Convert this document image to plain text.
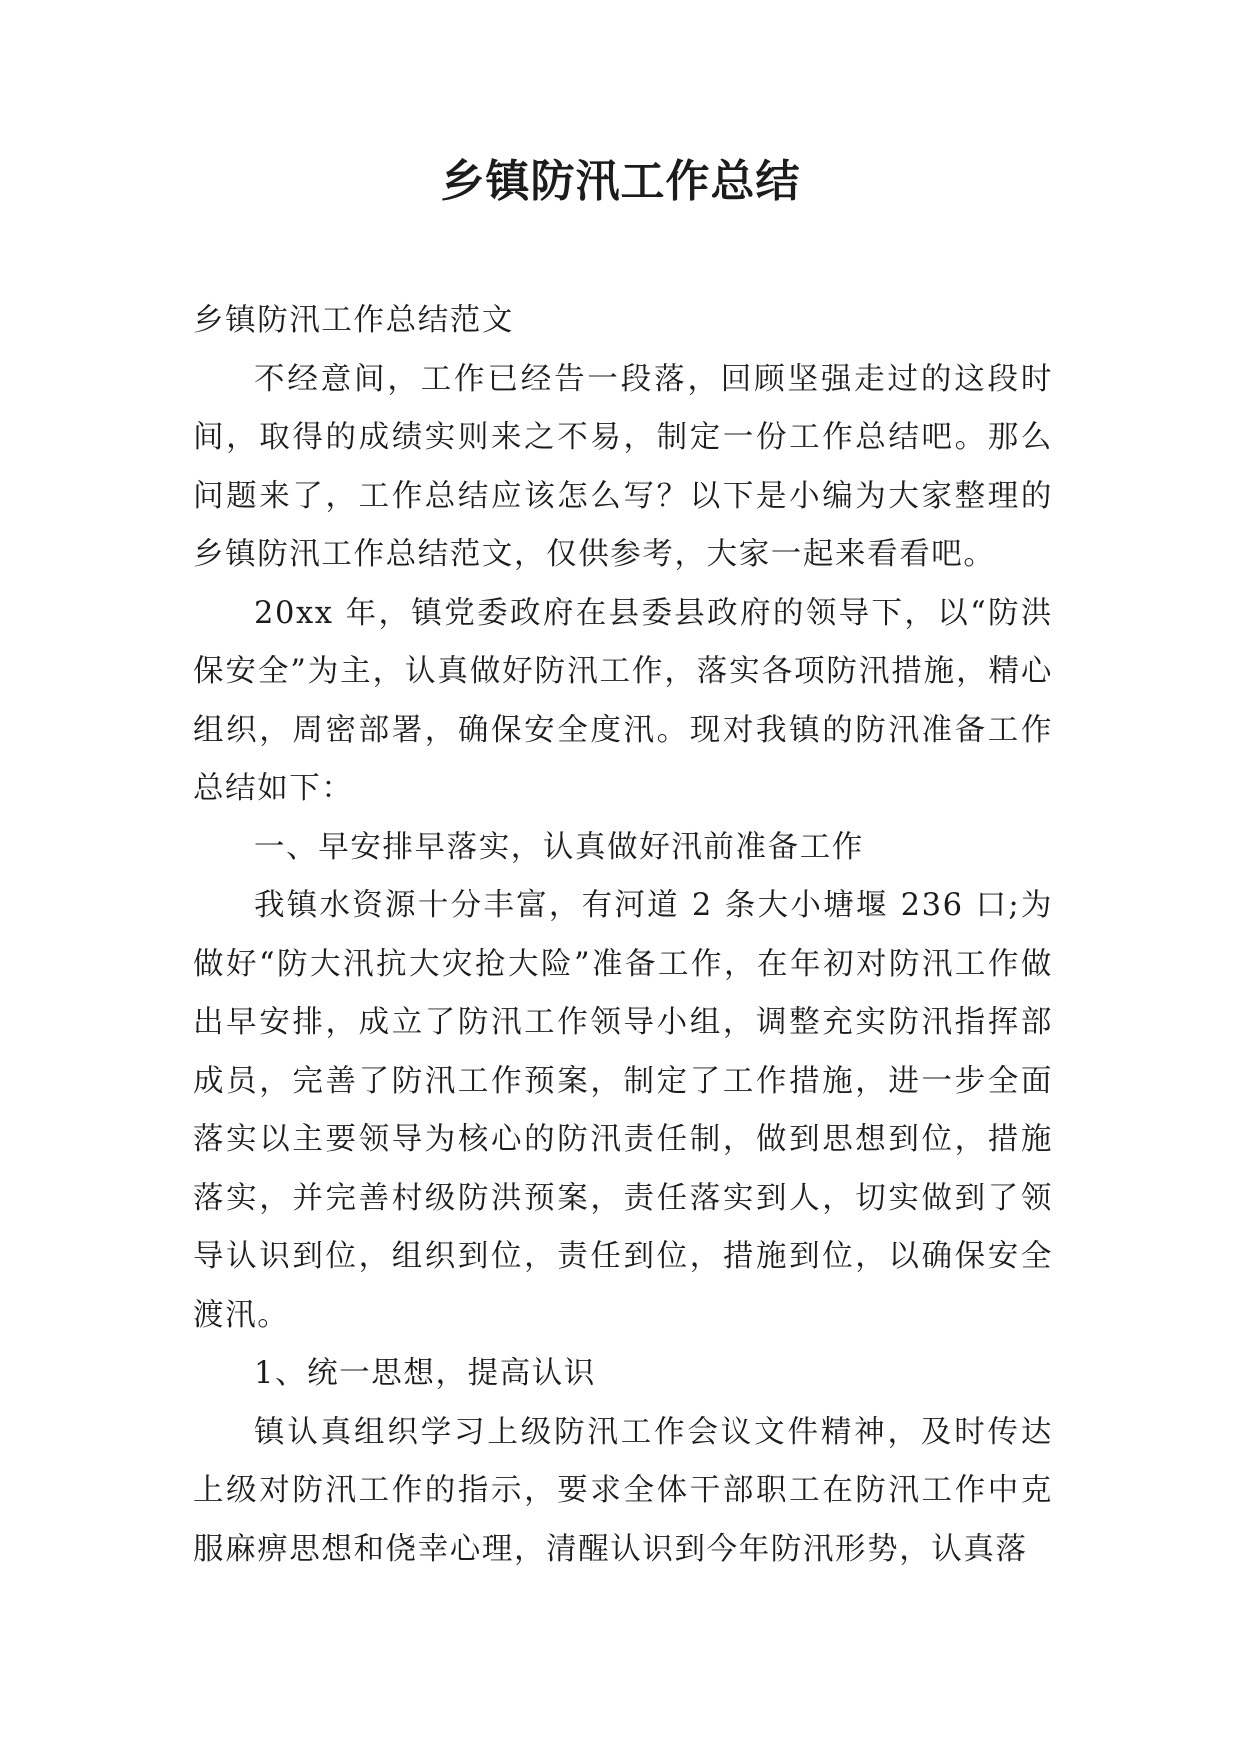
乡镇防汛工作总结

乡镇防汛工作总结范文

不经意间，工作已经告一段落，回顾坚强走过的这段时间，取得的成绩实则来之不易，制定一份工作总结吧。那么问题来了，工作总结应该怎么写？以下是小编为大家整理的乡镇防汛工作总结范文，仅供参考，大家一起来看看吧。

20xx 年，镇党委政府在县委县政府的领导下，以“防洪保安全”为主，认真做好防汛工作，落实各项防汛措施，精心组织，周密部署，确保安全度汛。现对我镇的防汛准备工作总结如下：

一、早安排早落实，认真做好汛前准备工作

我镇水资源十分丰富，有河道 2 条大小塘堰 236 口;为做好“防大汛抗大灾抢大险”准备工作，在年初对防汛工作做出早安排，成立了防汛工作领导小组，调整充实防汛指挥部成员，完善了防汛工作预案，制定了工作措施，进一步全面落实以主要领导为核心的防汛责任制，做到思想到位，措施落实，并完善村级防洪预案，责任落实到人，切实做到了领导认识到位，组织到位，责任到位，措施到位，以确保安全渡汛。

1、统一思想，提高认识

镇认真组织学习上级防汛工作会议文件精神，及时传达上级对防汛工作的指示，要求全体干部职工在防汛工作中克服麻痹思想和侥幸心理，清醒认识到今年防汛形势，认真落
